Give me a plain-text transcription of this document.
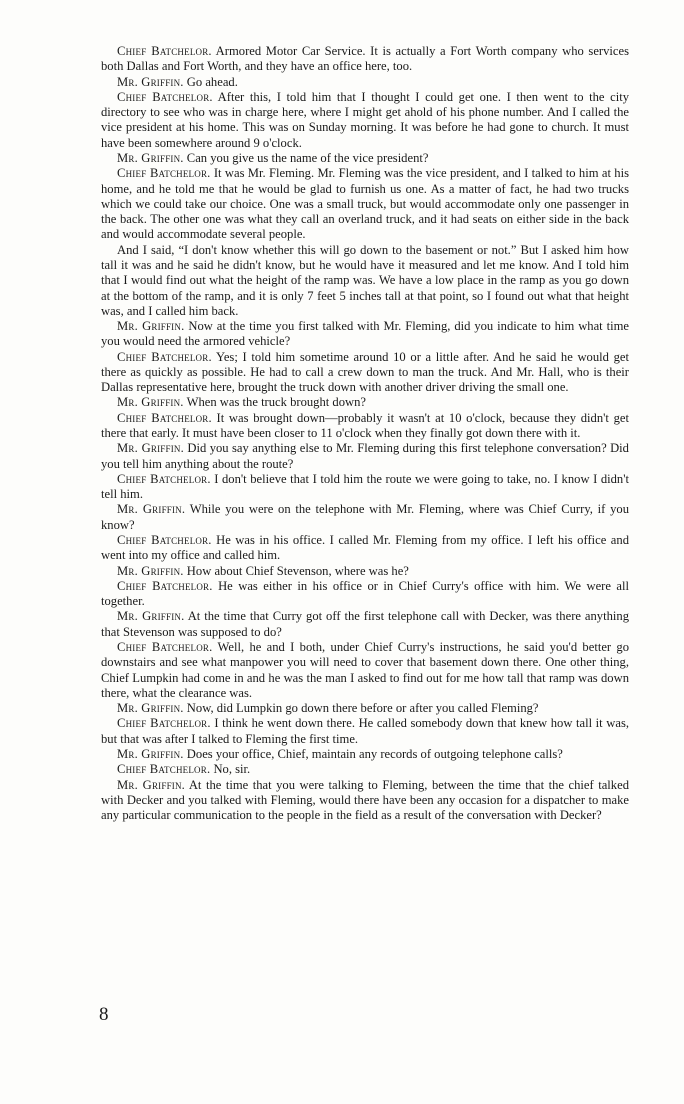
Chief Batchelor. Armored Motor Car Service. It is actually a Fort Worth company who services both Dallas and Fort Worth, and they have an office here, too.

Mr. Griffin. Go ahead.

Chief Batchelor. After this, I told him that I thought I could get one. I then went to the city directory to see who was in charge here, where I might get ahold of his phone number. And I called the vice president at his home. This was on Sunday morning. It was before he had gone to church. It must have been somewhere around 9 o'clock.

Mr. Griffin. Can you give us the name of the vice president?

Chief Batchelor. It was Mr. Fleming. Mr. Fleming was the vice president, and I talked to him at his home, and he told me that he would be glad to furnish us one. As a matter of fact, he had two trucks which we could take our choice. One was a small truck, but would accommodate only one passenger in the back. The other one was what they call an overland truck, and it had seats on either side in the back and would accommodate several people.

And I said, “I don't know whether this will go down to the basement or not.” But I asked him how tall it was and he said he didn't know, but he would have it measured and let me know. And I told him that I would find out what the height of the ramp was. We have a low place in the ramp as you go down at the bottom of the ramp, and it is only 7 feet 5 inches tall at that point, so I found out what that height was, and I called him back.

Mr. Griffin. Now at the time you first talked with Mr. Fleming, did you indicate to him what time you would need the armored vehicle?

Chief Batchelor. Yes; I told him sometime around 10 or a little after. And he said he would get there as quickly as possible. He had to call a crew down to man the truck. And Mr. Hall, who is their Dallas representative here, brought the truck down with another driver driving the small one.

Mr. Griffin. When was the truck brought down?

Chief Batchelor. It was brought down—probably it wasn't at 10 o'clock, because they didn't get there that early. It must have been closer to 11 o'clock when they finally got down there with it.

Mr. Griffin. Did you say anything else to Mr. Fleming during this first telephone conversation? Did you tell him anything about the route?

Chief Batchelor. I don't believe that I told him the route we were going to take, no. I know I didn't tell him.

Mr. Griffin. While you were on the telephone with Mr. Fleming, where was Chief Curry, if you know?

Chief Batchelor. He was in his office. I called Mr. Fleming from my office. I left his office and went into my office and called him.

Mr. Griffin. How about Chief Stevenson, where was he?

Chief Batchelor. He was either in his office or in Chief Curry's office with him. We were all together.

Mr. Griffin. At the time that Curry got off the first telephone call with Decker, was there anything that Stevenson was supposed to do?

Chief Batchelor. Well, he and I both, under Chief Curry's instructions, he said you'd better go downstairs and see what manpower you will need to cover that basement down there. One other thing, Chief Lumpkin had come in and he was the man I asked to find out for me how tall that ramp was down there, what the clearance was.

Mr. Griffin. Now, did Lumpkin go down there before or after you called Fleming?

Chief Batchelor. I think he went down there. He called somebody down that knew how tall it was, but that was after I talked to Fleming the first time.

Mr. Griffin. Does your office, Chief, maintain any records of outgoing telephone calls?

Chief Batchelor. No, sir.

Mr. Griffin. At the time that you were talking to Fleming, between the time that the chief talked with Decker and you talked with Fleming, would there have been any occasion for a dispatcher to make any particular communication to the people in the field as a result of the conversation with Decker?

8
